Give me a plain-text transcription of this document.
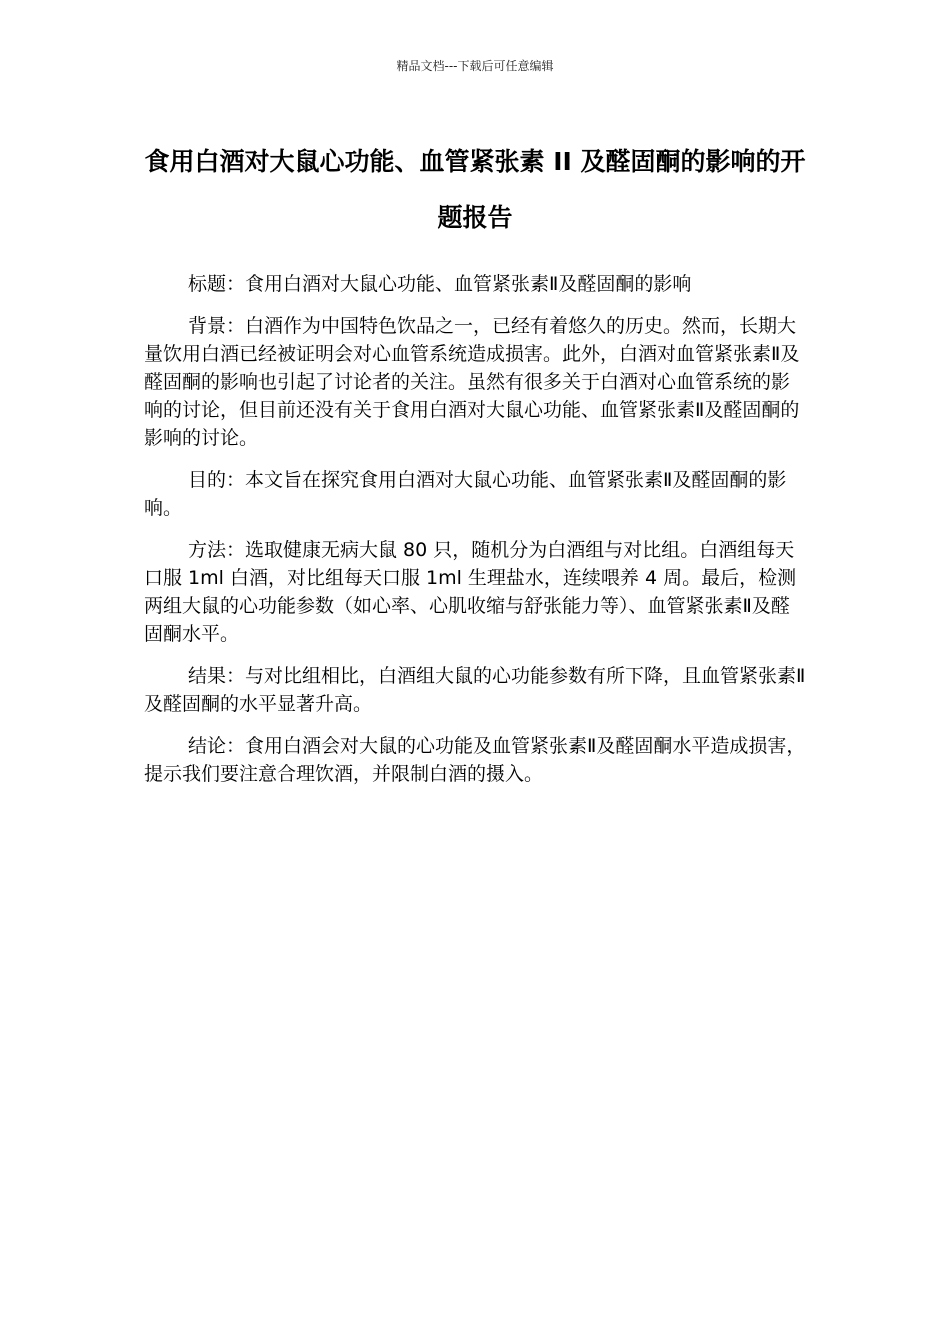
精品文档---下载后可任意编辑
食用白酒对大鼠心功能、血管紧张素 II 及醛固酮的影响的开题报告

标题：食用白酒对大鼠心功能、血管紧张素Ⅱ及醛固酮的影响

背景：白酒作为中国特色饮品之一，已经有着悠久的历史。然而，长期大量饮用白酒已经被证明会对心血管系统造成损害。此外，白酒对血管紧张素Ⅱ及醛固酮的影响也引起了讨论者的关注。虽然有很多关于白酒对心血管系统的影响的讨论，但目前还没有关于食用白酒对大鼠心功能、血管紧张素Ⅱ及醛固酮的影响的讨论。

目的：本文旨在探究食用白酒对大鼠心功能、血管紧张素Ⅱ及醛固酮的影响。

方法：选取健康无病大鼠 80 只，随机分为白酒组与对比组。白酒组每天口服 1ml 白酒，对比组每天口服 1ml 生理盐水，连续喂养 4 周。最后，检测两组大鼠的心功能参数（如心率、心肌收缩与舒张能力等）、血管紧张素Ⅱ及醛固酮水平。

结果：与对比组相比，白酒组大鼠的心功能参数有所下降，且血管紧张素Ⅱ及醛固酮的水平显著升高。

结论：食用白酒会对大鼠的心功能及血管紧张素Ⅱ及醛固酮水平造成损害，提示我们要注意合理饮酒，并限制白酒的摄入。
